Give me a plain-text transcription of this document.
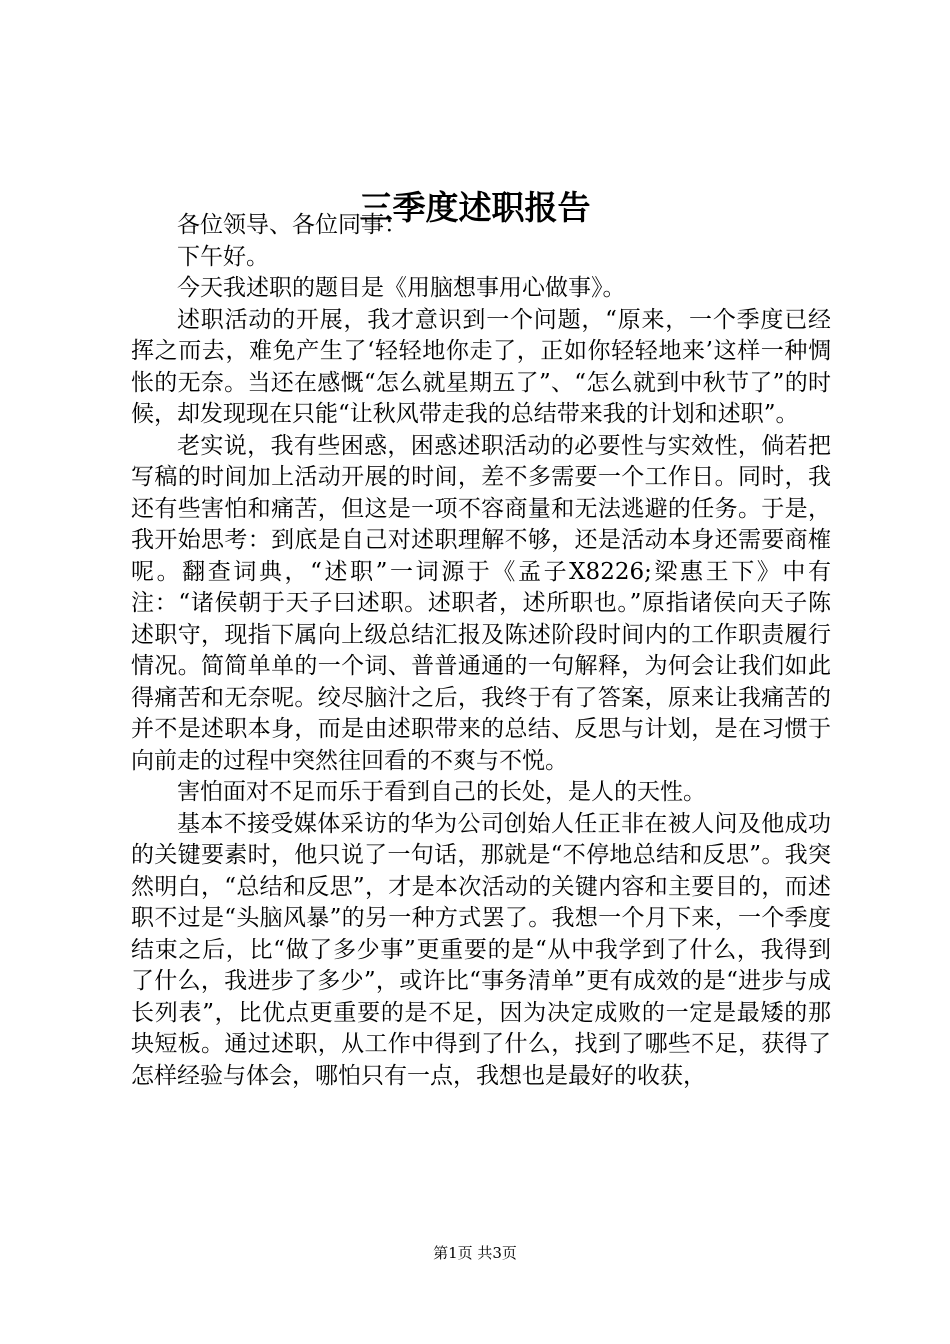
三季度述职报告

各位领导、各位同事：

下午好。

今天我述职的题目是《用脑想事用心做事》。

述职活动的开展，我才意识到一个问题，“原来，一个季度已经挥之而去，难免产生了‘轻轻地你走了，正如你轻轻地来’这样一种惆怅的无奈。当还在感慨“怎么就星期五了”、“怎么就到中秋节了”的时候，却发现现在只能“让秋风带走我的总结带来我的计划和述职”。

老实说，我有些困惑，困惑述职活动的必要性与实效性，倘若把写稿的时间加上活动开展的时间，差不多需要一个工作日。同时，我还有些害怕和痛苦，但这是一项不容商量和无法逃避的任务。于是，我开始思考：到底是自己对述职理解不够，还是活动本身还需要商榷呢。翻查词典，“述职”一词源于《孟子X8226;梁惠王下》中有注：“诸侯朝于天子曰述职。述职者，述所职也。”原指诸侯向天子陈述职守，现指下属向上级总结汇报及陈述阶段时间内的工作职责履行情况。简简单单的一个词、普普通通的一句解释，为何会让我们如此得痛苦和无奈呢。绞尽脑汁之后，我终于有了答案，原来让我痛苦的并不是述职本身，而是由述职带来的总结、反思与计划，是在习惯于向前走的过程中突然往回看的不爽与不悦。

害怕面对不足而乐于看到自己的长处，是人的天性。

基本不接受媒体采访的华为公司创始人任正非在被人问及他成功的关键要素时，他只说了一句话，那就是“不停地总结和反思”。我突然明白，“总结和反思”，才是本次活动的关键内容和主要目的，而述职不过是“头脑风暴”的另一种方式罢了。我想一个月下来，一个季度结束之后，比“做了多少事”更重要的是“从中我学到了什么，我得到了什么，我进步了多少”，或许比“事务清单”更有成效的是“进步与成长列表”，比优点更重要的是不足，因为决定成败的一定是最矮的那块短板。通过述职，从工作中得到了什么，找到了哪些不足，获得了怎样经验与体会，哪怕只有一点，我想也是最好的收获，

第1页 共3页
